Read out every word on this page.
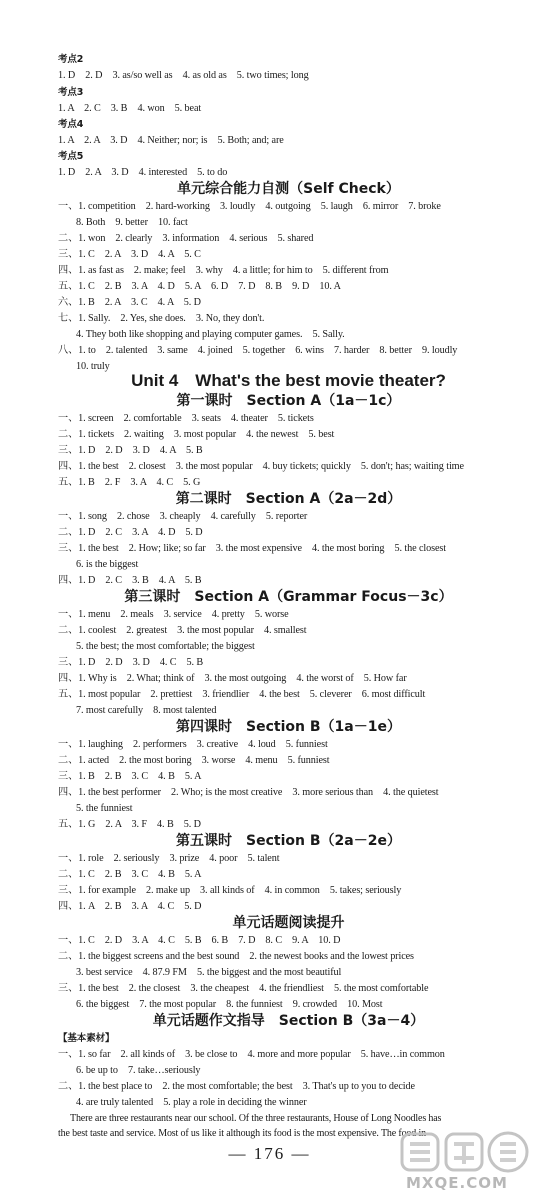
考点2
1. D　2. D　3. as/so well as　4. as old as　5. two times; long
考点3
1. A　2. C　3. B　4. won　5. beat
考点4
1. A　2. A　3. D　4. Neither; nor; is　5. Both; and; are
考点5
1. D　2. A　3. D　4. interested　5. to do
单元综合能力自测（Self Check）
一、1. competition　2. hard-working　3. loudly　4. outgoing　5. laugh　6. mirror　7. broke
8. Both　9. better　10. fact
二、1. won　2. clearly　3. information　4. serious　5. shared
三、1. C　2. A　3. D　4. A　5. C
四、1. as fast as　2. make; feel　3. why　4. a little; for him to　5. different from
五、1. C　2. B　3. A　4. D　5. A　6. D　7. D　8. B　9. D　10. A
六、1. B　2. A　3. C　4. A　5. D
七、1. Sally.　2. Yes, she does.　3. No, they don't.
4. They both like shopping and playing computer games.　5. Sally.
八、1. to　2. talented　3. same　4. joined　5. together　6. wins　7. harder　8. better　9. loudly
10. truly
Unit 4　What's the best movie theater?
第一课时　Section A（1a－1c）
一、1. screen　2. comfortable　3. seats　4. theater　5. tickets
二、1. tickets　2. waiting　3. most popular　4. the newest　5. best
三、1. D　2. D　3. D　4. A　5. B
四、1. the best　2. closest　3. the most popular　4. buy tickets; quickly　5. don't; has; waiting time
五、1. B　2. F　3. A　4. C　5. G
第二课时　Section A（2a－2d）
一、1. song　2. chose　3. cheaply　4. carefully　5. reporter
二、1. D　2. C　3. A　4. D　5. D
三、1. the best　2. How; like; so far　3. the most expensive　4. the most boring　5. the closest
6. is the biggest
四、1. D　2. C　3. B　4. A　5. B
第三课时　Section A（Grammar Focus－3c）
一、1. menu　2. meals　3. service　4. pretty　5. worse
二、1. coolest　2. greatest　3. the most popular　4. smallest
5. the best; the most comfortable; the biggest
三、1. D　2. D　3. D　4. C　5. B
四、1. Why is　2. What; think of　3. the most outgoing　4. the worst of　5. How far
五、1. most popular　2. prettiest　3. friendlier　4. the best　5. cleverer　6. most difficult
7. most carefully　8. most talented
第四课时　Section B（1a－1e）
一、1. laughing　2. performers　3. creative　4. loud　5. funniest
二、1. acted　2. the most boring　3. worse　4. menu　5. funniest
三、1. B　2. B　3. C　4. B　5. A
四、1. the best performer　2. Who; is the most creative　3. more serious than　4. the quietest
5. the funniest
五、1. G　2. A　3. F　4. B　5. D
第五课时　Section B（2a－2e）
一、1. role　2. seriously　3. prize　4. poor　5. talent
二、1. C　2. B　3. C　4. B　5. A
三、1. for example　2. make up　3. all kinds of　4. in common　5. takes; seriously
四、1. A　2. B　3. A　4. C　5. D
单元话题阅读提升
一、1. C　2. D　3. A　4. C　5. B　6. B　7. D　8. C　9. A　10. D
二、1. the biggest screens and the best sound　2. the newest books and the lowest prices
3. best service　4. 87.9 FM　5. the biggest and the most beautiful
三、1. the best　2. the closest　3. the cheapest　4. the friendliest　5. the most comfortable
6. the biggest　7. the most popular　8. the funniest　9. crowded　10. Most
单元话题作文指导　Section B（3a－4）
【基本素材】
一、1. so far　2. all kinds of　3. be close to　4. more and more popular　5. have…in common
6. be up to　7. take…seriously
二、1. the best place to　2. the most comfortable; the best　3. That's up to you to decide
4. are truly talented　5. play a role in deciding the winner
There are three restaurants near our school. Of the three restaurants, House of Long Noodles has
the best taste and service. Most of us like it although its food is the most expensive. The food in
— 176 —
MXQE.COM
